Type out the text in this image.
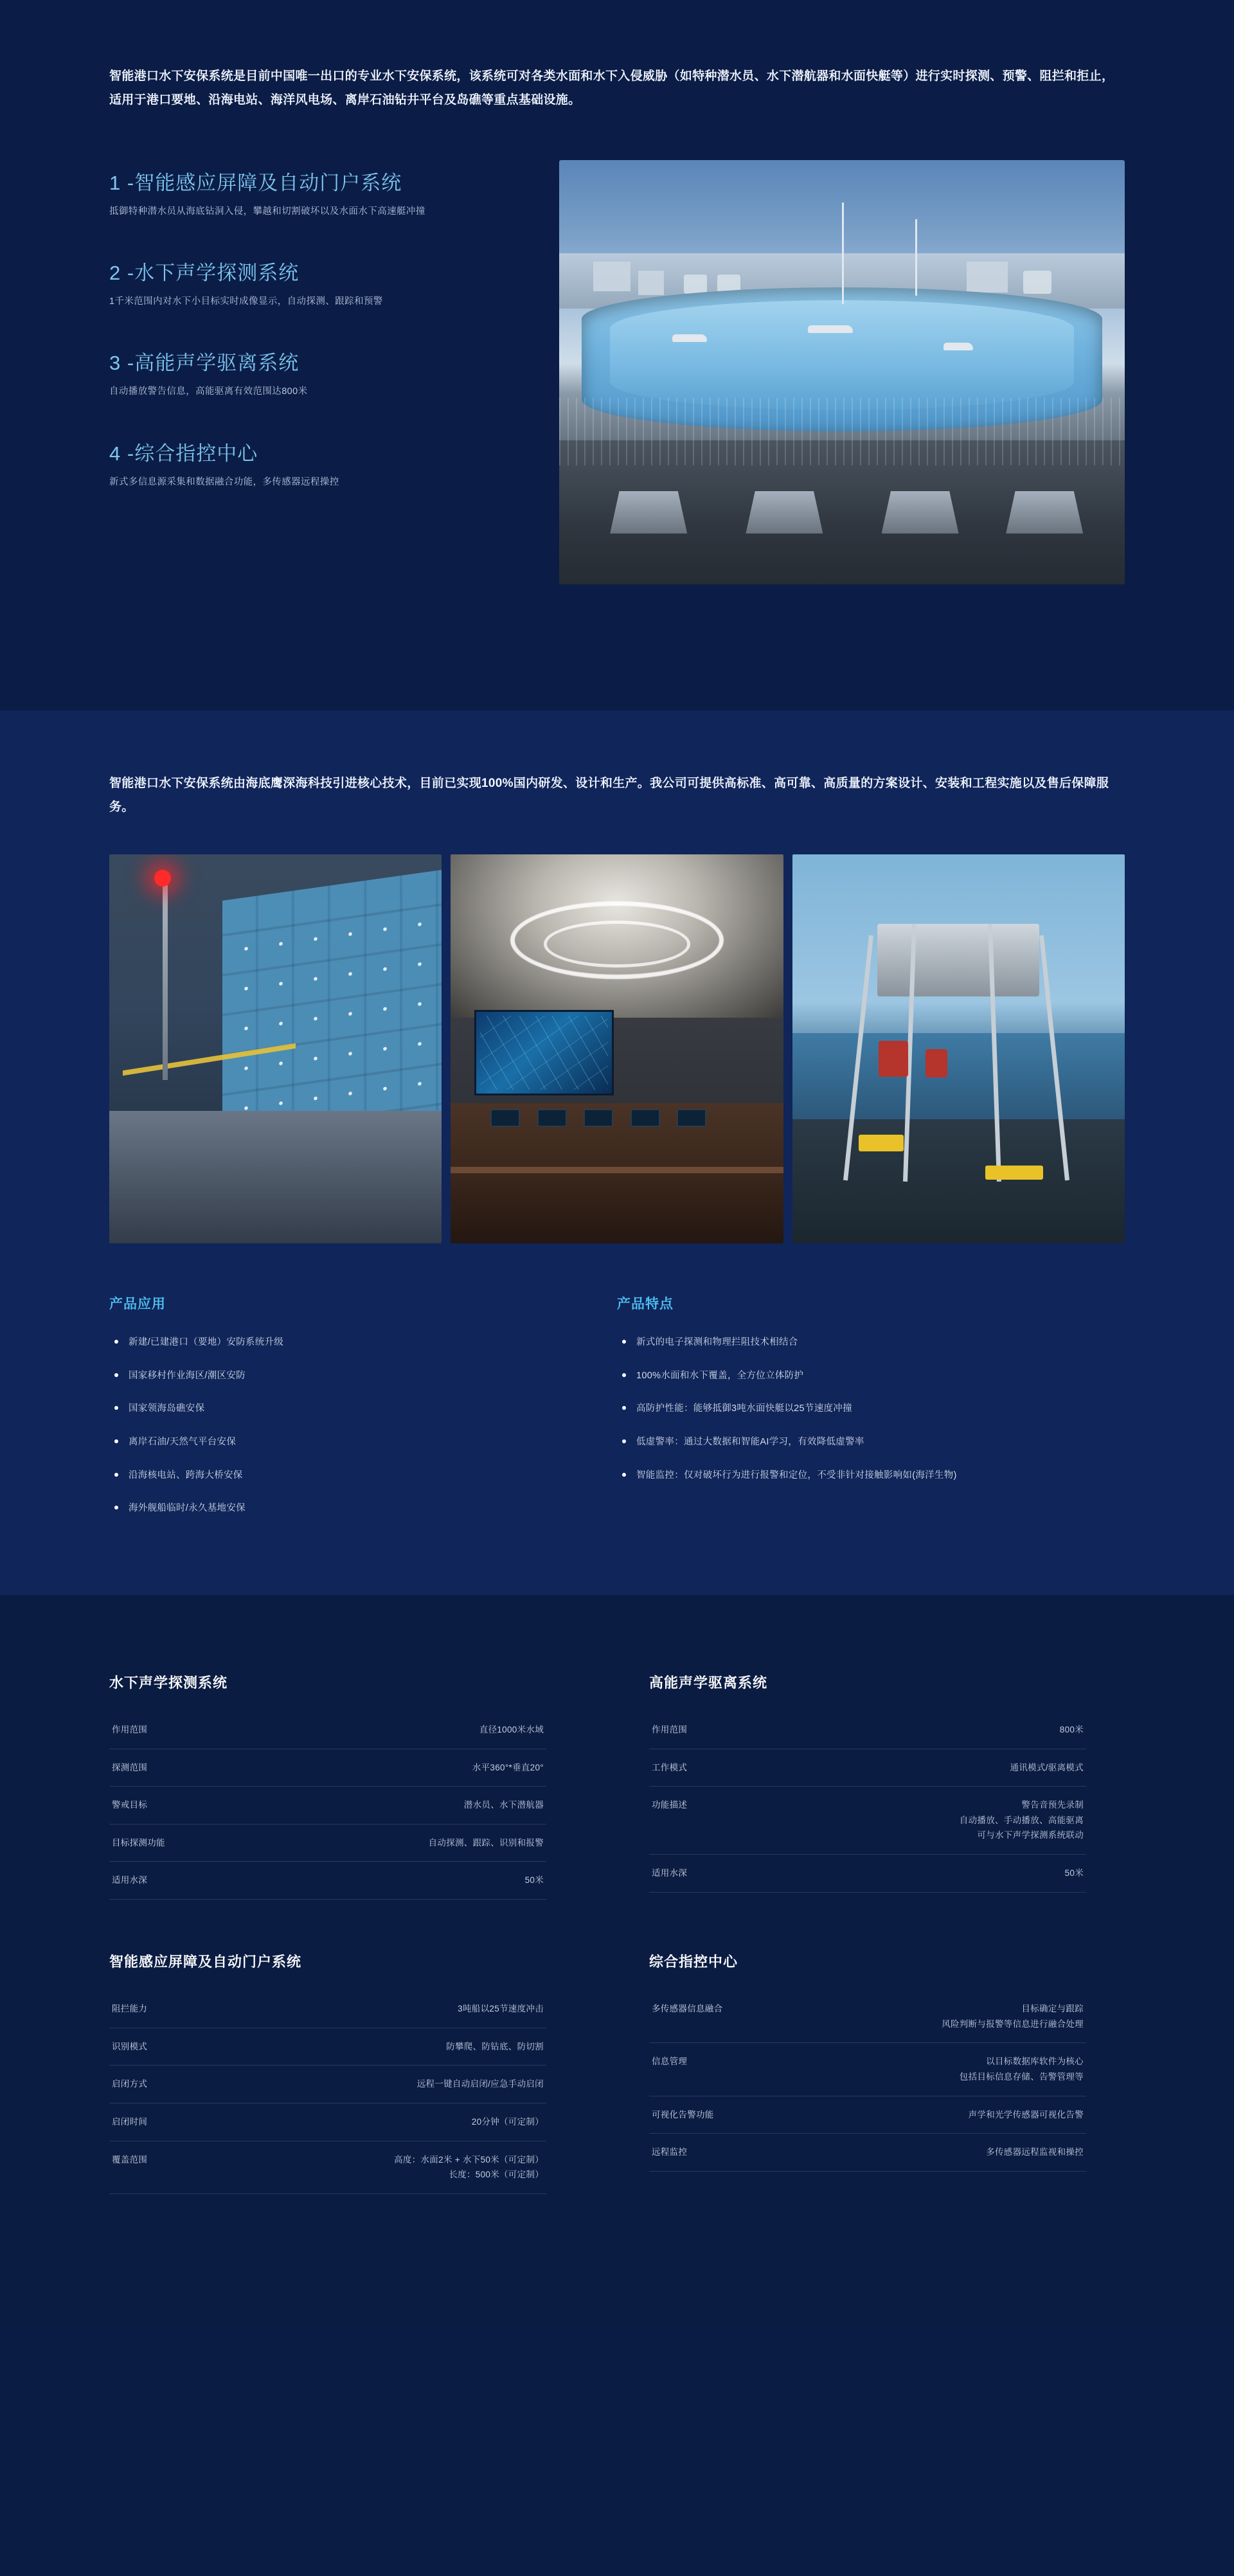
智能港口水下安保系统是目前中国唯一出口的专业水下安保系统，该系统可对各类水面和水下入侵威胁（如特种潜水员、水下潜航器和水面快艇等）进行实时探测、预警、阻拦和拒止，适用于港口要地、沿海电站、海洋风电场、离岸石油钻井平台及岛礁等重点基础设施。

1 -智能感应屏障及自动门户系统
抵御特种潜水员从海底钻洞入侵，攀越和切割破坏以及水面水下高速艇冲撞
2 -水下声学探测系统
1千米范围内对水下小目标实时成像显示，自动探测、跟踪和预警
3 -高能声学驱离系统
自动播放警告信息，高能驱离有效范围达800米
4 -综合指控中心
新式多信息源采集和数据融合功能，多传感器远程操控

智能港口水下安保系统由海底鹰深海科技引进核心技术，目前已实现100%国内研发、设计和生产。我公司可提供高标准、高可靠、高质量的方案设计、安装和工程实施以及售后保障服务。

产品应用
新建/已建港口（要地）安防系统升级
国家移村作业海区/潮区安防
国家领海岛礁安保
离岸石油/天然气平台安保
沿海核电站、跨海大桥安保
海外舰船临时/永久基地安保
产品特点
新式的电子探测和物理拦阻技术相结合
100%水面和水下覆盖，全方位立体防护
高防护性能：能够抵御3吨水面快艇以25节速度冲撞
低虚警率：通过大数据和智能AI学习，有效降低虚警率
智能监控：仅对破坏行为进行报警和定位，不受非针对接触影响如(海洋生物)
水下声学探测系统
作用范围	直径1000米水域
探测范围	水平360°*垂直20°
警戒目标	潜水员、水下潜航器
目标探测功能	自动探测、跟踪、识别和报警
适用水深	50米
高能声学驱离系统
作用范围	800米
工作模式	通讯模式/驱离模式
功能描述	警告音预先录制
自动播放、手动播放、高能驱离
可与水下声学探测系统联动
适用水深	50米
智能感应屏障及自动门户系统
阻拦能力	3吨船以25节速度冲击
识别模式	防攀爬、防钻底、防切割
启闭方式	远程一键自动启闭/应急手动启闭
启闭时间	20分钟（可定制）
覆盖范围	高度：水面2米 + 水下50米（可定制）
长度：500米（可定制）
综合指控中心
多传感器信息融合	目标确定与跟踪
风险判断与报警等信息进行融合处理
信息管理	以目标数据库软件为核心
包括目标信息存储、告警管理等
可视化告警功能	声学和光学传感器可视化告警
远程监控	多传感器远程监视和操控
